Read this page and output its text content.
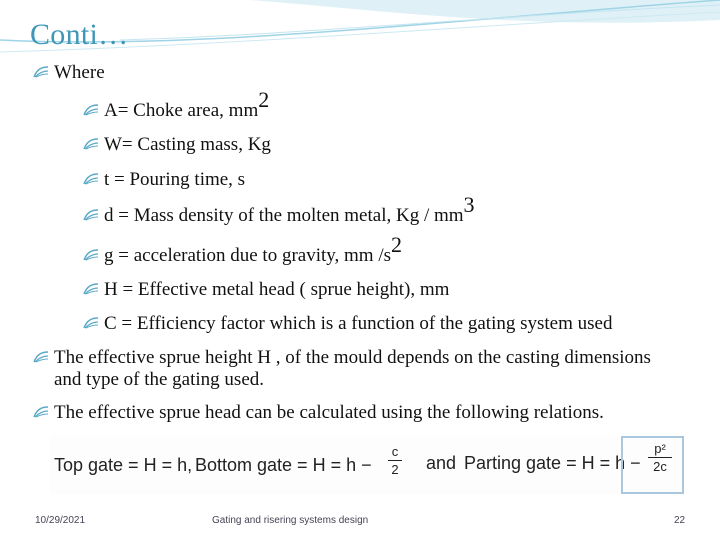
Conti…
Where
A= Choke area, $mm^2$
W= Casting mass, Kg
t = Pouring time, s
d = Mass density of the molten metal, Kg / $mm^3$
g = acceleration due to gravity, mm $/s^2$
H = Effective metal head ( sprue height), mm
C = Efficiency factor which is a function of the gating system used
The effective sprue height H , of the mould depends on the casting dimensions and type of the gating used.
The effective sprue head can be calculated using the following relations.
Top gate = H = h, Bottom gate = H = h −
c
2 and Parting gate = H = h −
p²
2c
10/29/2021	Gating and risering systems design	22
